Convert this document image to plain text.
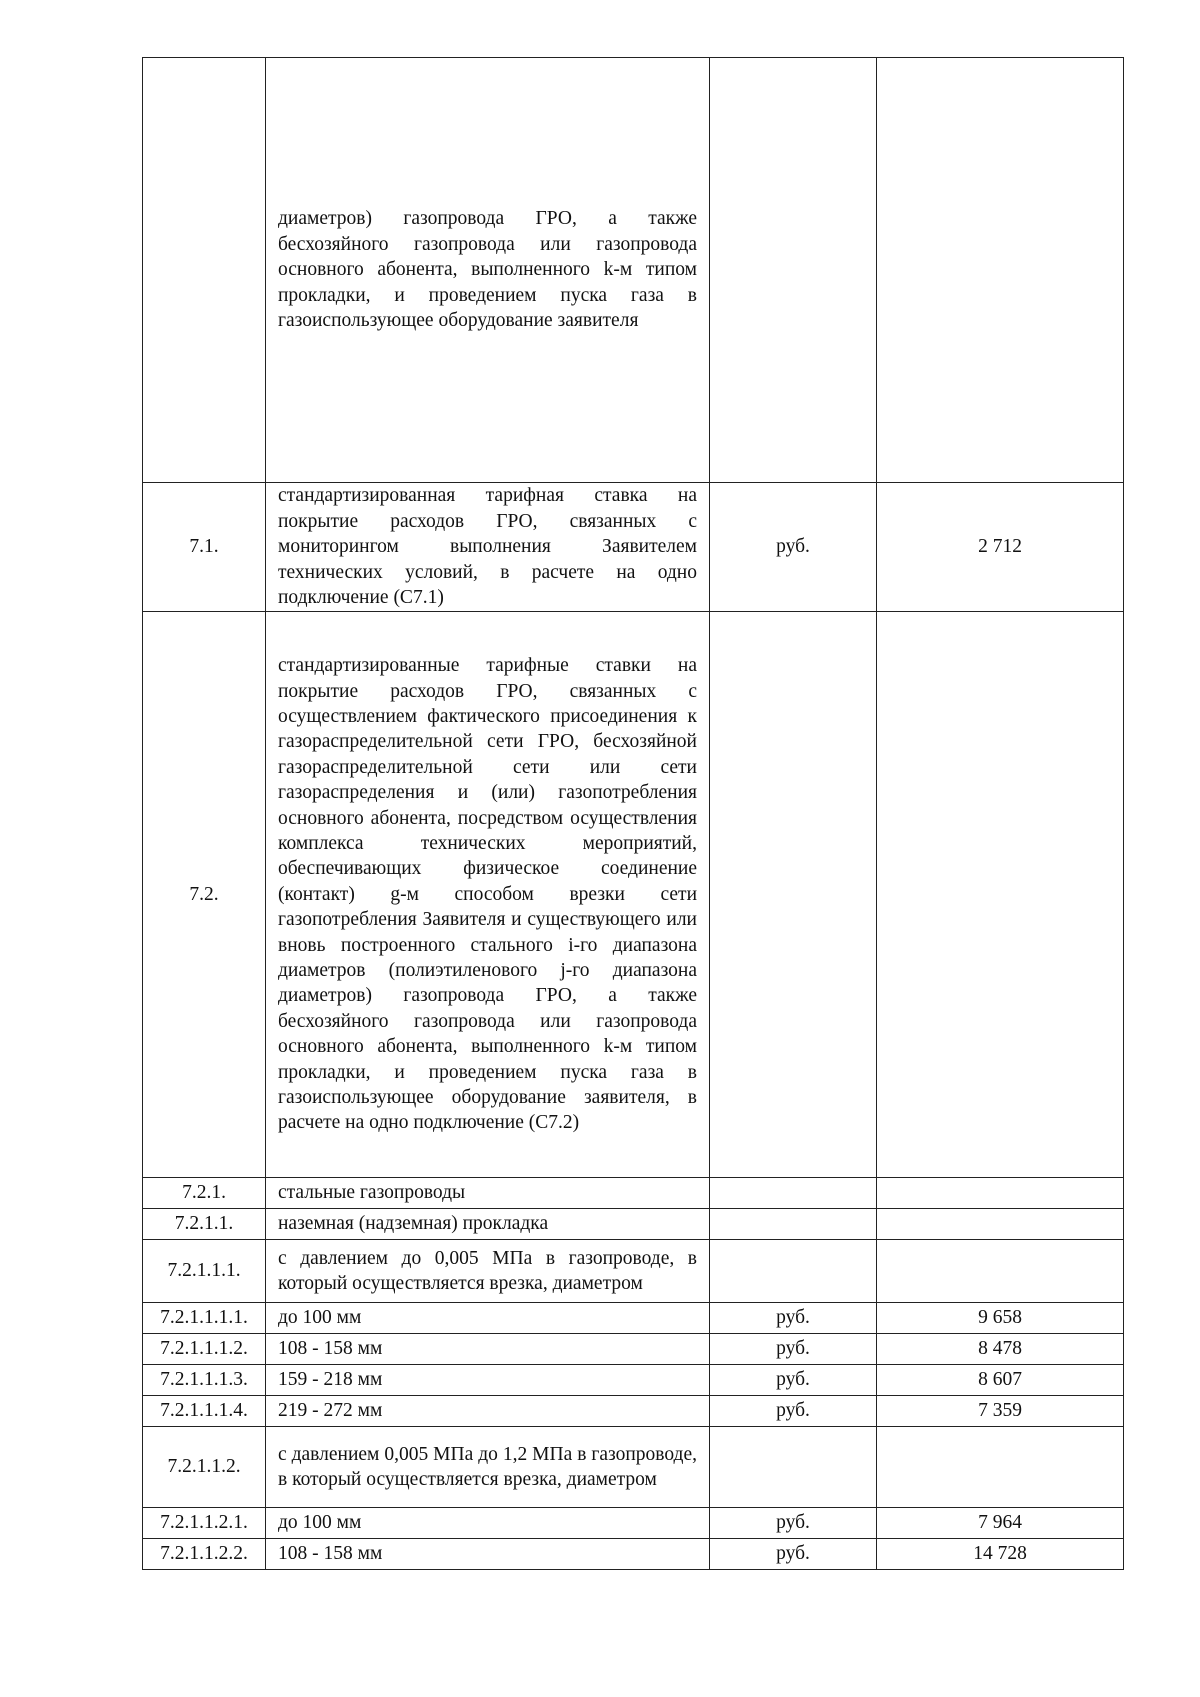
	диаметров) газопровода ГРО, а также бесхозяйного газопровода или газопровода основного абонента, выполненного k-м типом прокладки, и проведением пуска газа в газоиспользующее оборудование заявителя		
7.1.	стандартизированная тарифная ставка на покрытие расходов ГРО, связанных с мониторингом выполнения Заявителем технических условий, в расчете на одно подключение (С7.1)	руб.	2 712
7.2.	стандартизированные тарифные ставки на покрытие расходов ГРО, связанных с осуществлением фактического присоединения к газораспределительной сети ГРО, бесхозяйной газораспределительной сети или сети газораспределения и (или) газопотребления основного абонента, посредством осуществления комплекса технических мероприятий, обеспечивающих физическое соединение (контакт) g-м способом врезки сети газопотребления Заявителя и существующего или вновь построенного стального i-го диапазона диаметров (полиэтиленового j-го диапазона диаметров) газопровода ГРО, а также бесхозяйного газопровода или газопровода основного абонента, выполненного k-м типом прокладки, и проведением пуска газа в газоиспользующее оборудование заявителя, в расчете на одно подключение (С7.2)		
7.2.1.	стальные газопроводы		
7.2.1.1.	наземная (надземная) прокладка		
7.2.1.1.1.	с давлением до 0,005 МПа в газопроводе, в который осуществляется врезка, диаметром		
7.2.1.1.1.1.	до 100 мм	руб.	9 658
7.2.1.1.1.2.	108 - 158 мм	руб.	8 478
7.2.1.1.1.3.	159 - 218 мм	руб.	8 607
7.2.1.1.1.4.	219 - 272 мм	руб.	7 359
7.2.1.1.2.	с давлением 0,005 МПа до 1,2 МПа в газопроводе, в который осуществляется врезка, диаметром		
7.2.1.1.2.1.	до 100 мм	руб.	7 964
7.2.1.1.2.2.	108 - 158 мм	руб.	14 728
